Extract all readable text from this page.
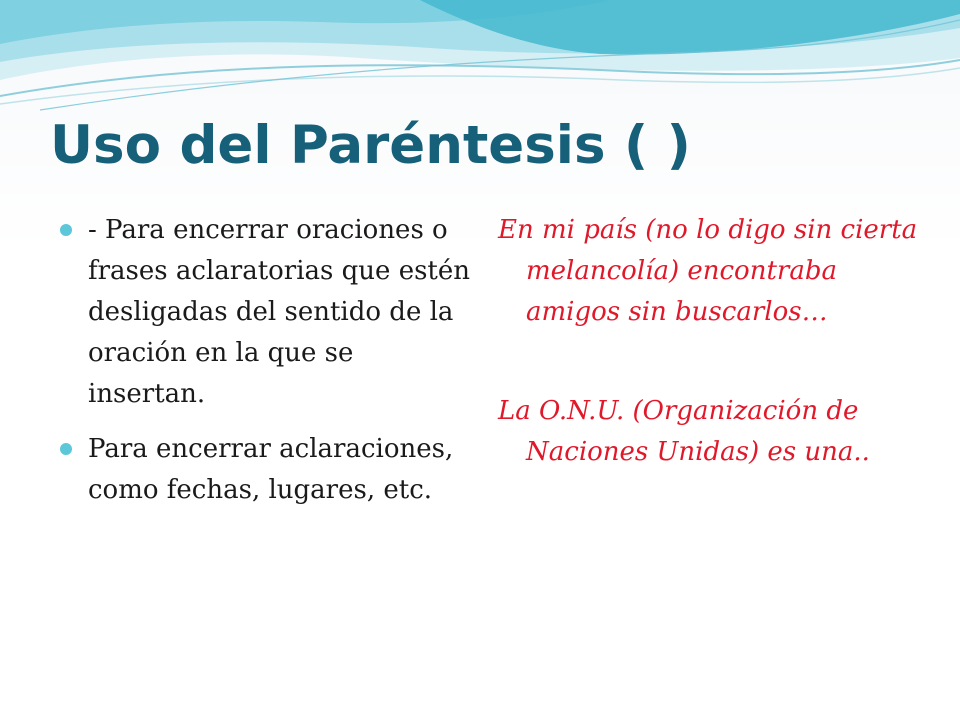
Uso del Paréntesis ( )
- Para encerrar oraciones o frases aclaratorias que estén desligadas del sentido de la oración en la que se insertan.
Para encerrar aclaraciones, como fechas, lugares, etc.

En mi país (no lo digo sin cierta melancolía) encontraba amigos sin buscarlos…

La O.N.U. (Organización de Naciones Unidas) es una..
